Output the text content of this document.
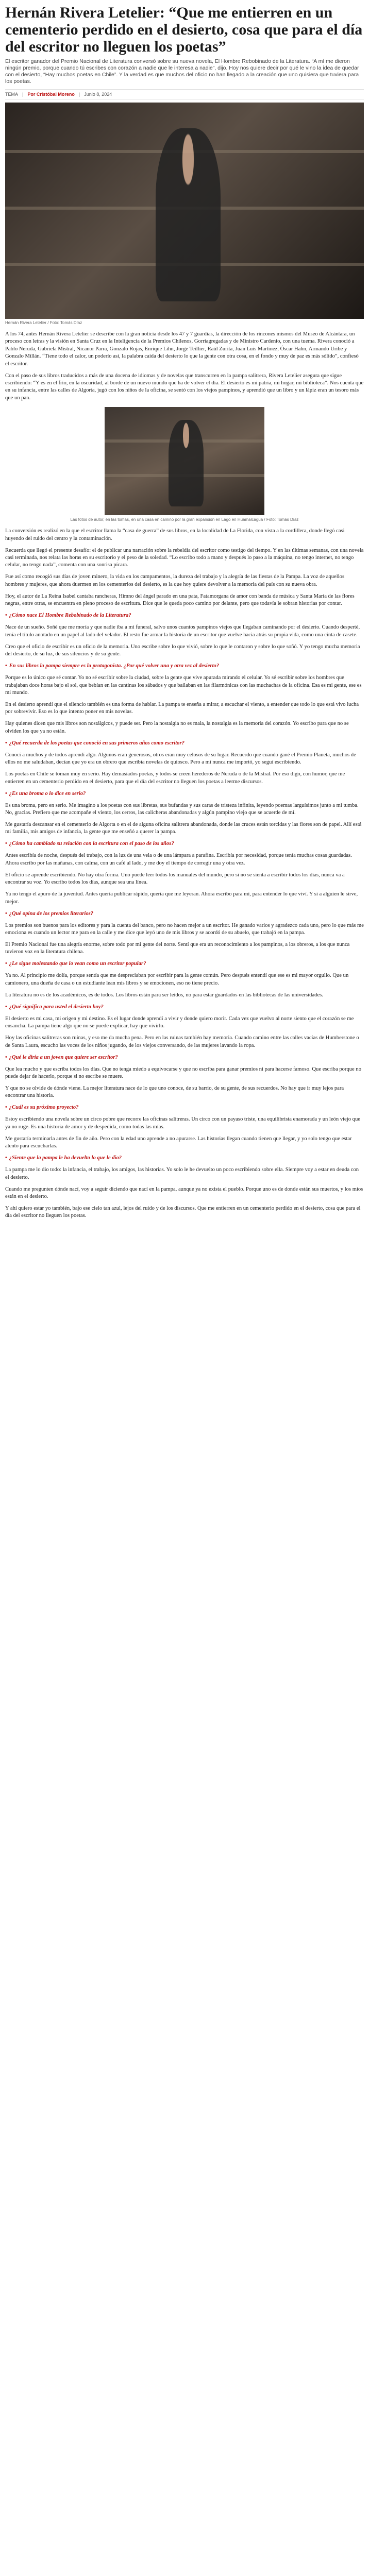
Hernán Rivera Letelier: “Que me entierren en un cementerio perdido en el desierto, cosa que para el día del escritor no lleguen los poetas”

El escritor ganador del Premio Nacional de Literatura conversó sobre su nueva novela, El Hombre Rebobinado de la Literatura. “A mí me dieron ningún premio, porque cuando tú escribes con corazón a nadie que le interesa a nadie”, dijo. Hoy nos quiere decir por qué le vino la idea de quedar con el desierto, “Hay muchos poetas en Chile”. Y la verdad es que muchos del oficio no han llegado a la creación que uno quisiera que tuviera para los poetas.

TEMA | Por Cristóbal Moreno | Junio 8, 2024
Hernán Rivera Letelier / Foto: Tomás Díaz

A los 74, antes Hernán Rivera Letelier se describe con la gran noticia desde los 47 y 7 guardias, la dirección de los rincones mismos del Museo de Alcántara, un proceso con letras y la visión en Santa Cruz en la Inteligencia de la Premios Chilenos, Gorriagregadas y de Ministro Cardenio, con una tuema. Rivera conoció a Pablo Neruda, Gabriela Mistral, Nicanor Parra, Gonzalo Rojas, Enrique Lihn, Jorge Teillier, Raúl Zurita, Juan Luis Martínez, Óscar Hahn, Armando Uribe y Gonzalo Millán. “Tiene todo el calor, un poderío así, la palabra caída del desierto lo que la gente con otra cosa, en el fondo y muy de paz es más sólido”, confiesó el escritor.

Con el paso de sus libros traducidos a más de una docena de idiomas y de novelas que transcurren en la pampa salitrera, Rivera Letelier asegura que sigue escribiendo: “Y es en el frío, en la oscuridad, al borde de un nuevo mundo que ha de volver el día. El desierto es mi patria, mi hogar, mi biblioteca”. Nos cuenta que en su infancia, entre las calles de Algorta, jugó con los niños de la oficina, se sentó con los viejos pampinos, y aprendió que un libro y un lápiz eran un tesoro más que un pan.

Las fotos de autor, en las tomas, en una casa en camino por la gran expansión en Lago en Huamalcagua / Foto: Tomás Díaz

La conversión es realizó en la que el escritor llama la “casa de guerra” de sus libros, en la localidad de La Florida, con vista a la cordillera, donde llegó casi huyendo del ruido del centro y la contaminación.

Recuerda que llegó el presente desafío: el de publicar una narración sobre la rebeldía del escritor como testigo del tiempo. Y en las últimas semanas, con una novela casi terminada, nos relata las horas en su escritorio y el peso de la soledad. “Lo escribo todo a mano y después lo paso a la máquina, no tengo internet, no tengo celular, no tengo nada”, comenta con una sonrisa pícara.

Fue así como recogió sus días de joven minero, la vida en los campamentos, la dureza del trabajo y la alegría de las fiestas de la Pampa. La voz de aquellos hombres y mujeres, que ahora duermen en los cementerios del desierto, es la que hoy quiere devolver a la memoria del país con su nueva obra.

Hoy, el autor de La Reina Isabel cantaba rancheras, Himno del ángel parado en una pata, Fatamorgana de amor con banda de música y Santa María de las flores negras, entre otras, se encuentra en pleno proceso de escritura. Dice que le queda poco camino por delante, pero que todavía le sobran historias por contar.

• ¿Cómo nace El Hombre Rebobinado de la Literatura?

Nace de un sueño. Soñé que me moría y que nadie iba a mi funeral, salvo unos cuantos pampinos viejos que llegaban caminando por el desierto. Cuando desperté, tenía el título anotado en un papel al lado del velador. El resto fue armar la historia de un escritor que vuelve hacia atrás su propia vida, como una cinta de casete.

Creo que el oficio de escribir es un oficio de la memoria. Uno escribe sobre lo que vivió, sobre lo que le contaron y sobre lo que soñó. Y yo tengo mucha memoria del desierto, de su luz, de sus silencios y de su gente.

• En sus libros la pampa siempre es la protagonista. ¿Por qué volver una y otra vez al desierto?

Porque es lo único que sé contar. Yo no sé escribir sobre la ciudad, sobre la gente que vive apurada mirando el celular. Yo sé escribir sobre los hombres que trabajaban doce horas bajo el sol, que bebían en las cantinas los sábados y que bailaban en las filarmónicas con las muchachas de la oficina. Esa es mi gente, ese es mi mundo.

En el desierto aprendí que el silencio también es una forma de hablar. La pampa te enseña a mirar, a escuchar el viento, a entender que todo lo que está vivo lucha por sobrevivir. Eso es lo que intento poner en mis novelas.

Hay quienes dicen que mis libros son nostálgicos, y puede ser. Pero la nostalgia no es mala, la nostalgia es la memoria del corazón. Yo escribo para que no se olviden los que ya no están.

• ¿Qué recuerda de los poetas que conoció en sus primeros años como escritor?

Conocí a muchos y de todos aprendí algo. Algunos eran generosos, otros eran muy celosos de su lugar. Recuerdo que cuando gané el Premio Planeta, muchos de ellos no me saludaban, decían que yo era un obrero que escribía novelas de quiosco. Pero a mí nunca me importó, yo seguí escribiendo.

Los poetas en Chile se toman muy en serio. Hay demasiados poetas, y todos se creen herederos de Neruda o de la Mistral. Por eso digo, con humor, que me entierren en un cementerio perdido en el desierto, para que el día del escritor no lleguen los poetas a leerme discursos.

• ¿Es una broma o lo dice en serio?

Es una broma, pero en serio. Me imagino a los poetas con sus libretas, sus bufandas y sus caras de tristeza infinita, leyendo poemas larguísimos junto a mi tumba. No, gracias. Prefiero que me acompañe el viento, los cerros, las calicheras abandonadas y algún pampino viejo que se acuerde de mí.

Me gustaría descansar en el cementerio de Algorta o en el de alguna oficina salitrera abandonada, donde las cruces están torcidas y las flores son de papel. Allí está mi familia, mis amigos de infancia, la gente que me enseñó a querer la pampa.

• ¿Cómo ha cambiado su relación con la escritura con el paso de los años?

Antes escribía de noche, después del trabajo, con la luz de una vela o de una lámpara a parafina. Escribía por necesidad, porque tenía muchas cosas guardadas. Ahora escribo por las mañanas, con calma, con un café al lado, y me doy el tiempo de corregir una y otra vez.

El oficio se aprende escribiendo. No hay otra forma. Uno puede leer todos los manuales del mundo, pero si no se sienta a escribir todos los días, nunca va a encontrar su voz. Yo escribo todos los días, aunque sea una línea.

Ya no tengo el apuro de la juventud. Antes quería publicar rápido, quería que me leyeran. Ahora escribo para mí, para entender lo que viví. Y si a alguien le sirve, mejor.

• ¿Qué opina de los premios literarios?

Los premios son buenos para los editores y para la cuenta del banco, pero no hacen mejor a un escritor. He ganado varios y agradezco cada uno, pero lo que más me emociona es cuando un lector me para en la calle y me dice que leyó uno de mis libros y se acordó de su abuelo, que trabajó en la pampa.

El Premio Nacional fue una alegría enorme, sobre todo por mi gente del norte. Sentí que era un reconocimiento a los pampinos, a los obreros, a los que nunca tuvieron voz en la literatura chilena.

• ¿Le sigue molestando que lo vean como un escritor popular?

Ya no. Al principio me dolía, porque sentía que me despreciaban por escribir para la gente común. Pero después entendí que ese es mi mayor orgullo. Que un camionero, una dueña de casa o un estudiante lean mis libros y se emocionen, eso no tiene precio.

La literatura no es de los académicos, es de todos. Los libros están para ser leídos, no para estar guardados en las bibliotecas de las universidades.

• ¿Qué significa para usted el desierto hoy?

El desierto es mi casa, mi origen y mi destino. Es el lugar donde aprendí a vivir y donde quiero morir. Cada vez que vuelvo al norte siento que el corazón se me ensancha. La pampa tiene algo que no se puede explicar, hay que vivirlo.

Hoy las oficinas salitreras son ruinas, y eso me da mucha pena. Pero en las ruinas también hay memoria. Cuando camino entre las calles vacías de Humberstone o de Santa Laura, escucho las voces de los niños jugando, de los viejos conversando, de las mujeres lavando la ropa.

• ¿Qué le diría a un joven que quiere ser escritor?

Que lea mucho y que escriba todos los días. Que no tenga miedo a equivocarse y que no escriba para ganar premios ni para hacerse famoso. Que escriba porque no puede dejar de hacerlo, porque si no escribe se muere.

Y que no se olvide de dónde viene. La mejor literatura nace de lo que uno conoce, de su barrio, de su gente, de sus recuerdos. No hay que ir muy lejos para encontrar una historia.

• ¿Cuál es su próximo proyecto?

Estoy escribiendo una novela sobre un circo pobre que recorre las oficinas salitreras. Un circo con un payaso triste, una equilibrista enamorada y un león viejo que ya no ruge. Es una historia de amor y de despedida, como todas las mías.

Me gustaría terminarla antes de fin de año. Pero con la edad uno aprende a no apurarse. Las historias llegan cuando tienen que llegar, y yo solo tengo que estar atento para escucharlas.

• ¿Siente que la pampa le ha devuelto lo que le dio?

La pampa me lo dio todo: la infancia, el trabajo, los amigos, las historias. Yo solo le he devuelto un poco escribiendo sobre ella. Siempre voy a estar en deuda con el desierto.

Cuando me pregunten dónde nací, voy a seguir diciendo que nací en la pampa, aunque ya no exista el pueblo. Porque uno es de donde están sus muertos, y los míos están en el desierto.

Y ahí quiero estar yo también, bajo ese cielo tan azul, lejos del ruido y de los discursos. Que me entierren en un cementerio perdido en el desierto, cosa que para el día del escritor no lleguen los poetas.
